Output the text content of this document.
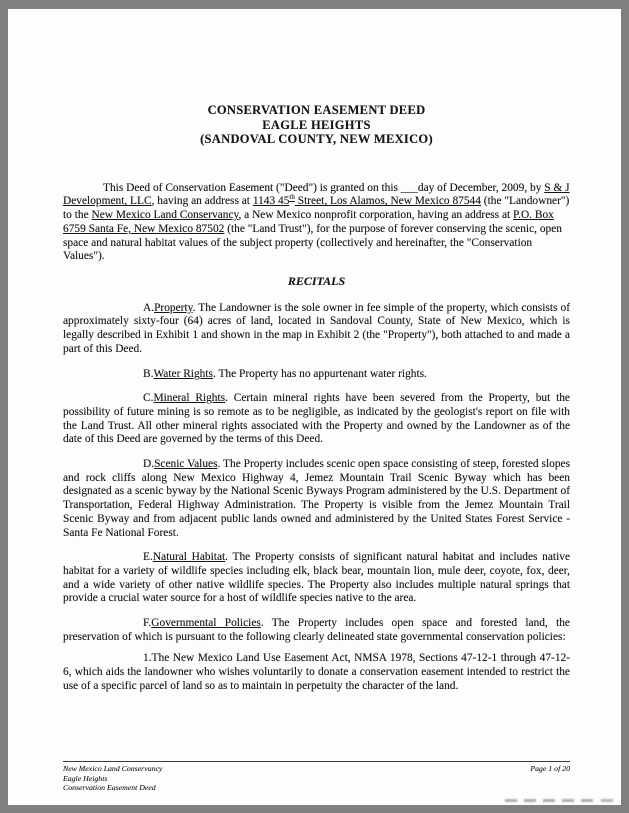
CONSERVATION EASEMENT DEED
EAGLE HEIGHTS
(SANDOVAL COUNTY, NEW MEXICO)

This Deed of Conservation Easement ("Deed") is granted on this ___day of December, 2009, by S & J Development, LLC, having an address at 1143 45th Street, Los Alamos, New Mexico 87544 (the "Landowner") to the New Mexico Land Conservancy, a New Mexico nonprofit corporation, having an address at P.O. Box 6759 Santa Fe, New Mexico 87502 (the "Land Trust"), for the purpose of forever conserving the scenic, open space and natural habitat values of the subject property (collectively and hereinafter, the "Conservation Values").

RECITALS

A.Property. The Landowner is the sole owner in fee simple of the property, which consists of approximately sixty-four (64) acres of land, located in Sandoval County, State of New Mexico, which is legally described in Exhibit 1 and shown in the map in Exhibit 2 (the "Property"), both attached to and made a part of this Deed.

B.Water Rights. The Property has no appurtenant water rights.

C.Mineral Rights. Certain mineral rights have been severed from the Property, but the possibility of future mining is so remote as to be negligible, as indicated by the geologist's report on file with the Land Trust. All other mineral rights associated with the Property and owned by the Landowner as of the date of this Deed are governed by the terms of this Deed.

D.Scenic Values. The Property includes scenic open space consisting of steep, forested slopes and rock cliffs along New Mexico Highway 4, Jemez Mountain Trail Scenic Byway which has been designated as a scenic byway by the National Scenic Byways Program administered by the U.S. Department of Transportation, Federal Highway Administration. The Property is visible from the Jemez Mountain Trail Scenic Byway and from adjacent public lands owned and administered by the United States Forest Service - Santa Fe National Forest.

E.Natural Habitat. The Property consists of significant natural habitat and includes native habitat for a variety of wildlife species including elk, black bear, mountain lion, mule deer, coyote, fox, deer, and a wide variety of other native wildlife species. The Property also includes multiple natural springs that provide a crucial water source for a host of wildlife species native to the area.

F.Governmental Policies. The Property includes open space and forested land, the preservation of which is pursuant to the following clearly delineated state governmental conservation policies:

1.The New Mexico Land Use Easement Act, NMSA 1978, Sections 47-12-1 through 47-12-6, which aids the landowner who wishes voluntarily to donate a conservation easement intended to restrict the use of a specific parcel of land so as to maintain in perpetuity the character of the land.

New Mexico Land Conservancy
Eagle Heights
Conservation Easement Deed
Page 1 of 20
